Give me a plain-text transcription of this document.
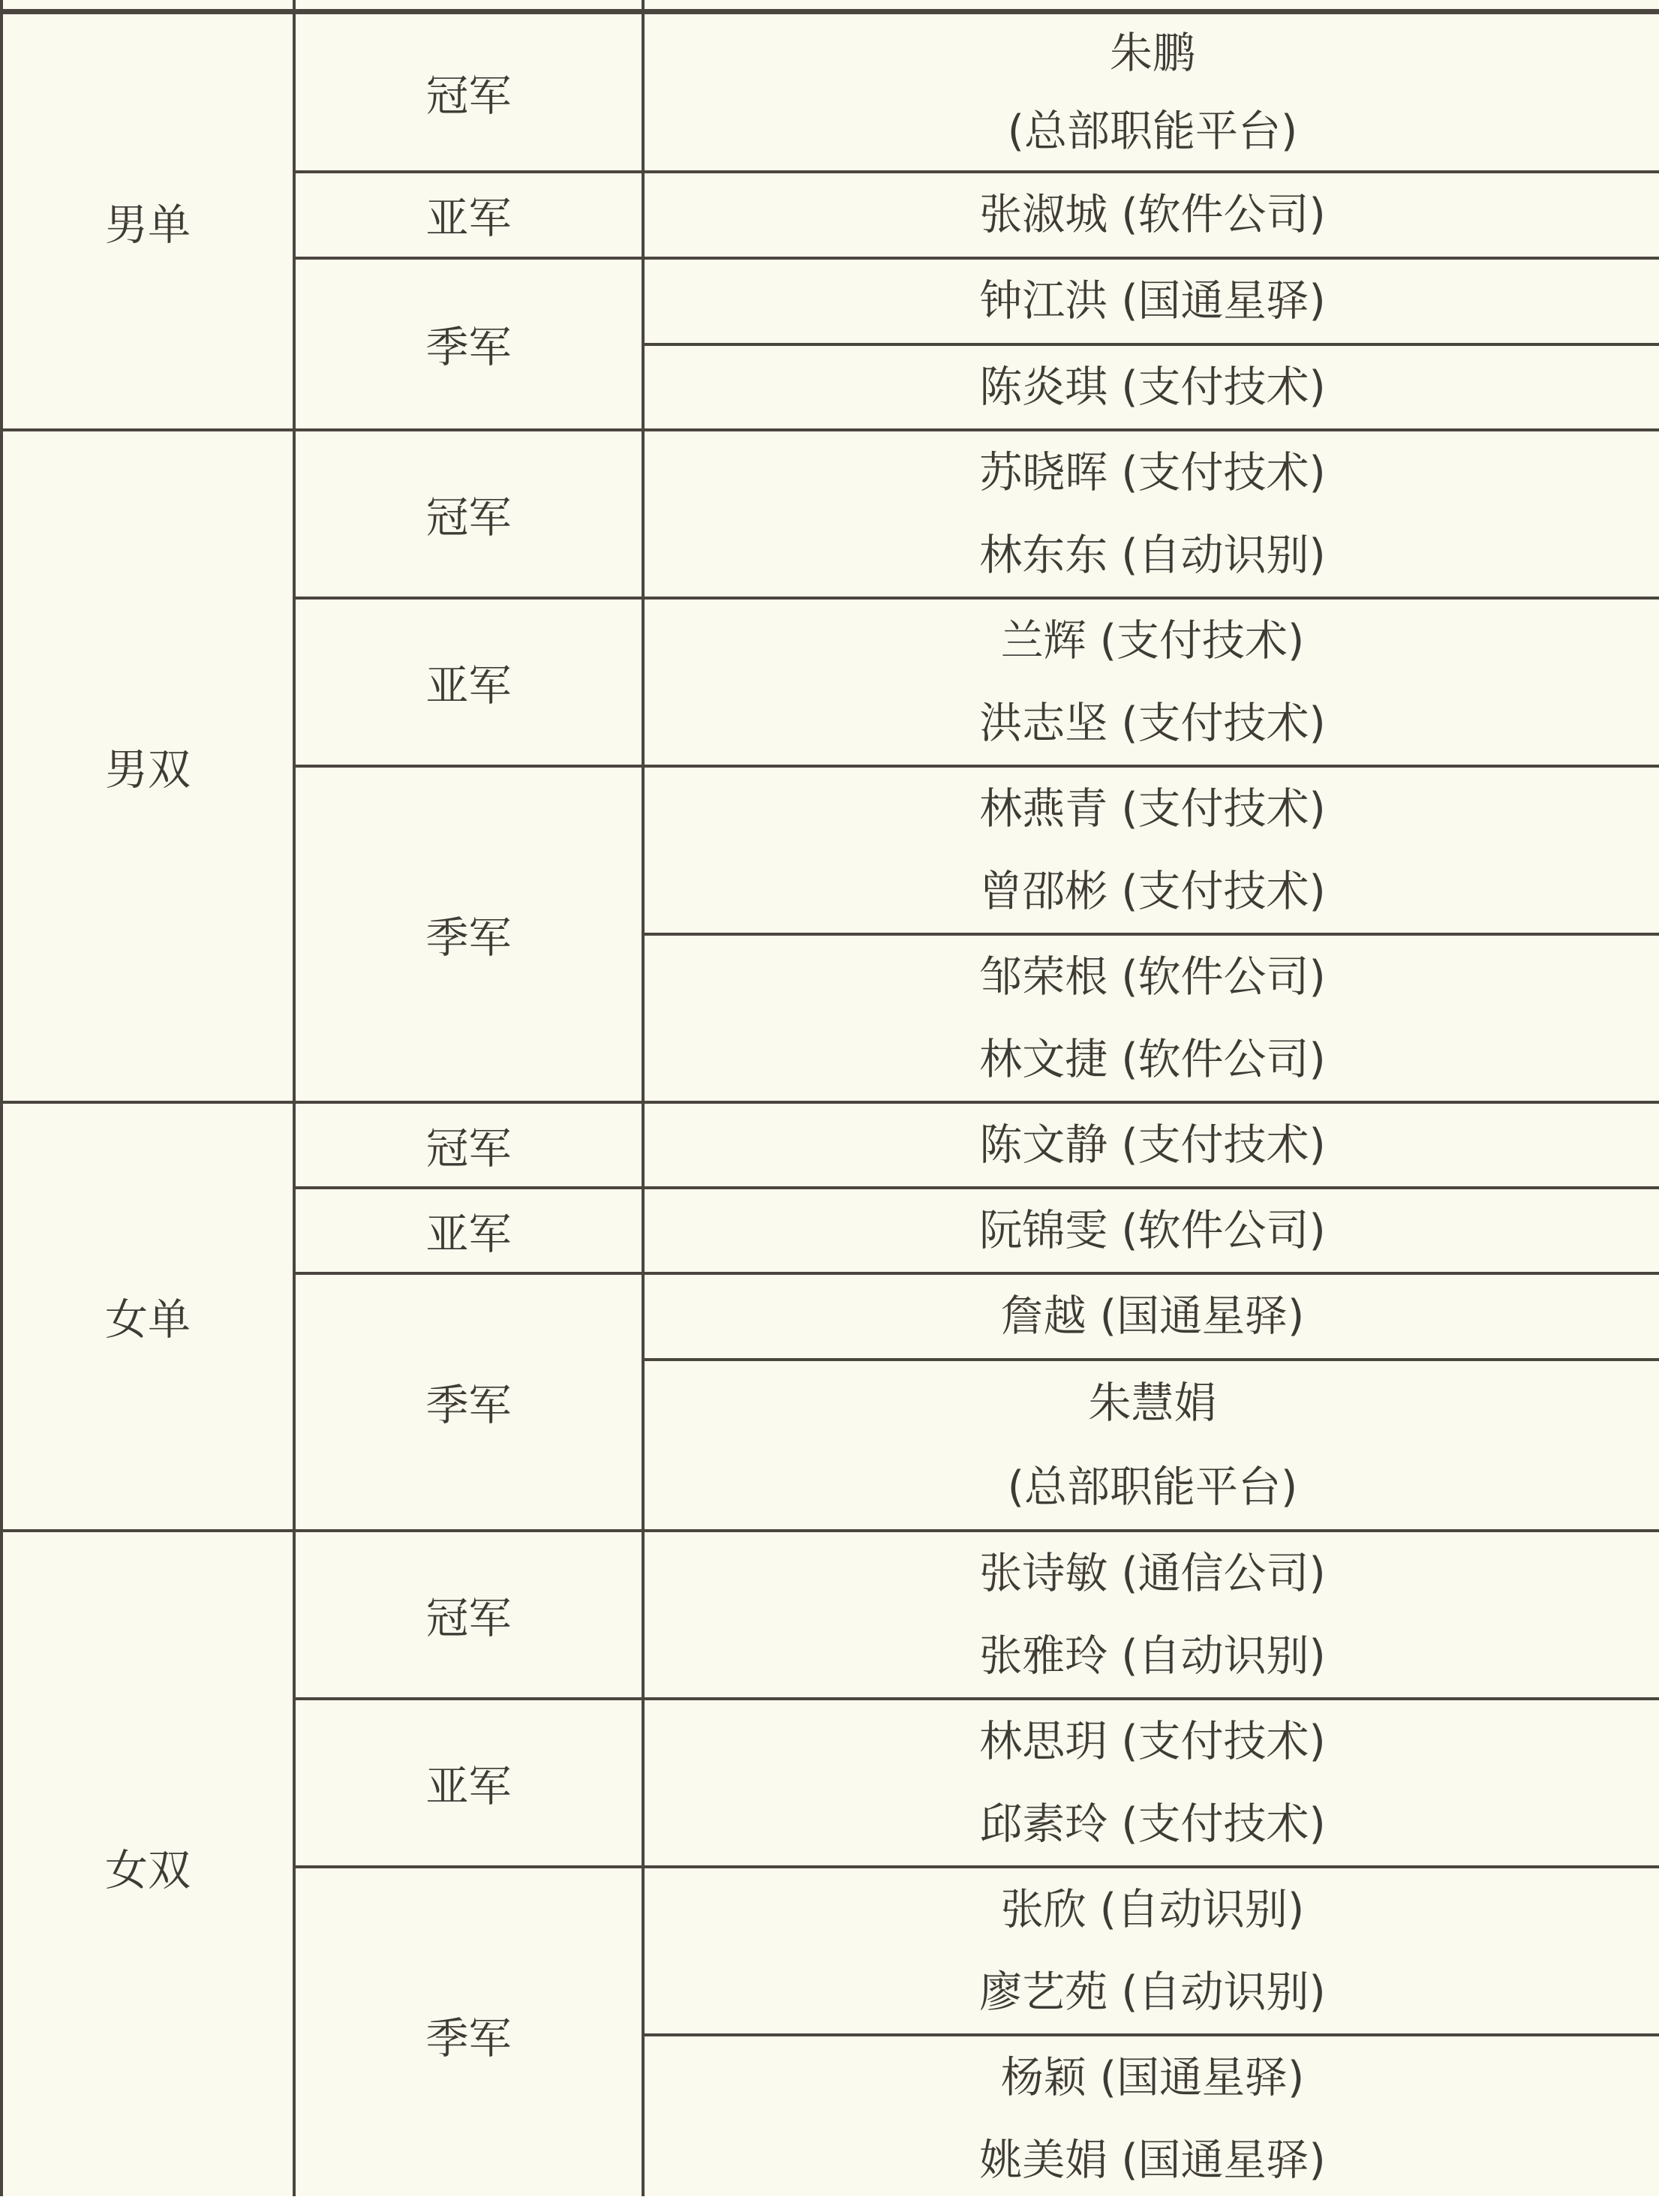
男单	冠军	朱鹏
(总部职能平台)

	亚军	张淑城 (软件公司)

	季军	钟江洪 (国通星驿)

		陈炎琪 (支付技术)

男双	冠军	苏晓晖 (支付技术)
林东东 (自动识别)

	亚军	兰辉 (支付技术)
洪志坚 (支付技术)

	季军	林燕青 (支付技术)
曾邵彬 (支付技术)

		邹荣根 (软件公司)
林文捷 (软件公司)

女单	冠军	陈文静 (支付技术)

	亚军	阮锦雯 (软件公司)

	季军	詹越 (国通星驿)

		朱慧娟
(总部职能平台)

女双	冠军	张诗敏 (通信公司)
张雅玲 (自动识别)

	亚军	林思玥 (支付技术)
邱素玲 (支付技术)

	季军	张欣 (自动识别)
廖艺苑 (自动识别)

		杨颖 (国通星驿)
姚美娟 (国通星驿)
